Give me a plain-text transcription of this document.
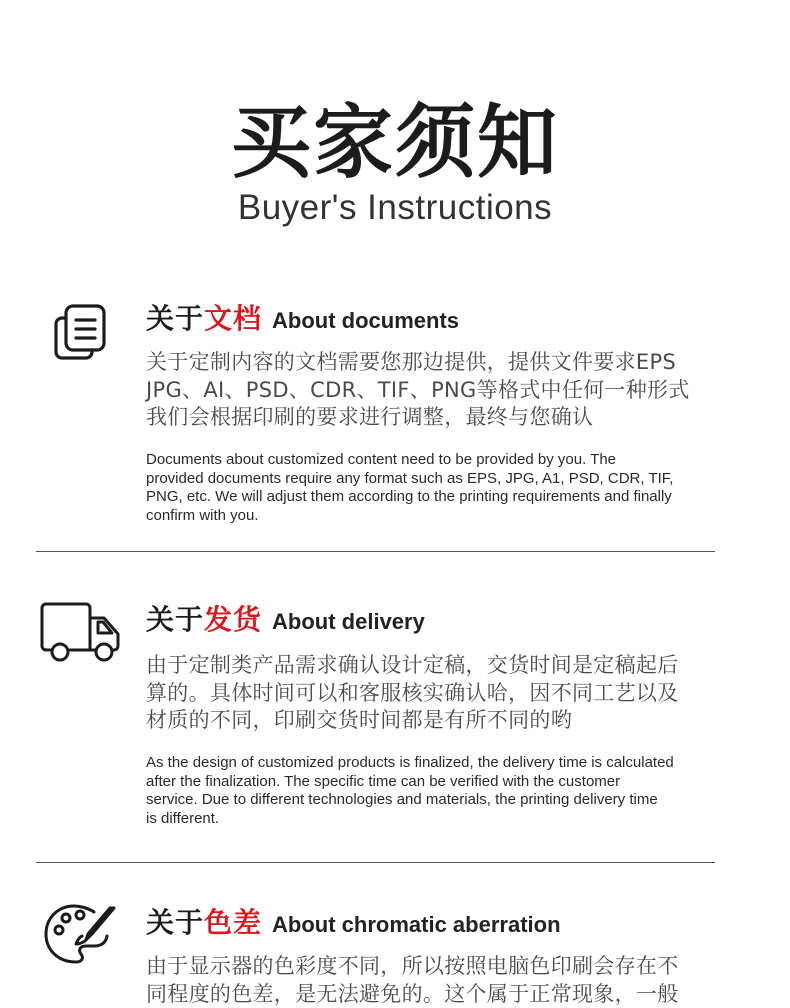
买家须知
Buyer's Instructions
关于文档 About documents
关于定制内容的文档需要您那边提供，提供文件要求EPS
JPG、AI、PSD、CDR、TIF、PNG等格式中任何一种形式
我们会根据印刷的要求进行调整，最终与您确认
Documents about customized content need to be provided by you. The
provided documents require any format such as EPS, JPG, A1, PSD, CDR, TIF,
PNG, etc. We will adjust them according to the printing requirements and finally
confirm with you.
关于发货 About delivery
由于定制类产品需求确认设计定稿，交货时间是定稿起后
算的。具体时间可以和客服核实确认哈，因不同工艺以及
材质的不同，印刷交货时间都是有所不同的哟
As the design of customized products is finalized, the delivery time is calculated
after the finalization. The specific time can be verified with the customer
service. Due to different technologies and materials, the printing delivery time
is different.
关于色差 About chromatic aberration
由于显示器的色彩度不同，所以按照电脑色印刷会存在不
同程度的色差，是无法避免的。这个属于正常现象，一般
